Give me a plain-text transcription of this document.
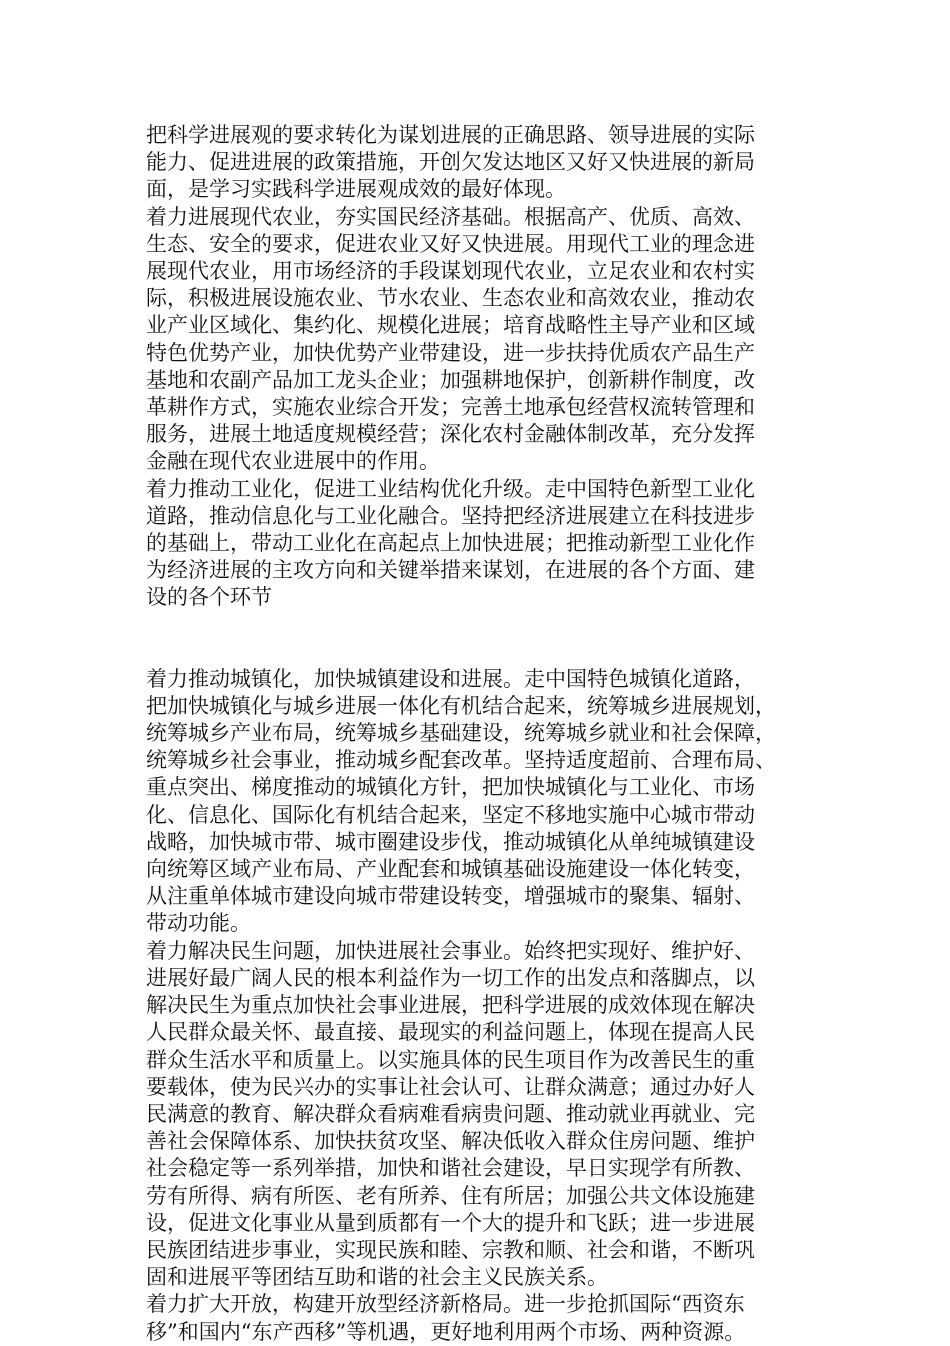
把科学进展观的要求转化为谋划进展的正确思路、领导进展的实际
能力、促进进展的政策措施，开创欠发达地区又好又快进展的新局
面，是学习实践科学进展观成效的最好体现。

着力进展现代农业，夯实国民经济基础。根据高产、优质、高效、
生态、安全的要求，促进农业又好又快进展。用现代工业的理念进
展现代农业，用市场经济的手段谋划现代农业，立足农业和农村实
际，积极进展设施农业、节水农业、生态农业和高效农业，推动农
业产业区域化、集约化、规模化进展；培育战略性主导产业和区域
特色优势产业，加快优势产业带建设，进一步扶持优质农产品生产
基地和农副产品加工龙头企业；加强耕地保护，创新耕作制度，改
革耕作方式，实施农业综合开发；完善土地承包经营权流转管理和
服务，进展土地适度规模经营；深化农村金融体制改革，充分发挥
金融在现代农业进展中的作用。

着力推动工业化，促进工业结构优化升级。走中国特色新型工业化
道路，推动信息化与工业化融合。坚持把经济进展建立在科技进步
的基础上，带动工业化在高起点上加快进展；把推动新型工业化作
为经济进展的主攻方向和关键举措来谋划，在进展的各个方面、建
设的各个环节

着力推动城镇化，加快城镇建设和进展。走中国特色城镇化道路，
把加快城镇化与城乡进展一体化有机结合起来，统筹城乡进展规划，
统筹城乡产业布局，统筹城乡基础建设，统筹城乡就业和社会保障，
统筹城乡社会事业，推动城乡配套改革。坚持适度超前、合理布局、
重点突出、梯度推动的城镇化方针，把加快城镇化与工业化、市场
化、信息化、国际化有机结合起来，坚定不移地实施中心城市带动
战略，加快城市带、城市圈建设步伐，推动城镇化从单纯城镇建设
向统筹区域产业布局、产业配套和城镇基础设施建设一体化转变，
从注重单体城市建设向城市带建设转变，增强城市的聚集、辐射、
带动功能。

着力解决民生问题，加快进展社会事业。始终把实现好、维护好、
进展好最广阔人民的根本利益作为一切工作的出发点和落脚点，以
解决民生为重点加快社会事业进展，把科学进展的成效体现在解决
人民群众最关怀、最直接、最现实的利益问题上，体现在提高人民
群众生活水平和质量上。以实施具体的民生项目作为改善民生的重
要载体，使为民兴办的实事让社会认可、让群众满意；通过办好人
民满意的教育、解决群众看病难看病贵问题、推动就业再就业、完
善社会保障体系、加快扶贫攻坚、解决低收入群众住房问题、维护
社会稳定等一系列举措，加快和谐社会建设，早日实现学有所教、
劳有所得、病有所医、老有所养、住有所居；加强公共文体设施建
设，促进文化事业从量到质都有一个大的提升和飞跃；进一步进展
民族团结进步事业，实现民族和睦、宗教和顺、社会和谐，不断巩
固和进展平等团结互助和谐的社会主义民族关系。

着力扩大开放，构建开放型经济新格局。进一步抢抓国际“西资东
移”和国内“东产西移”等机遇，更好地利用两个市场、两种资源。
